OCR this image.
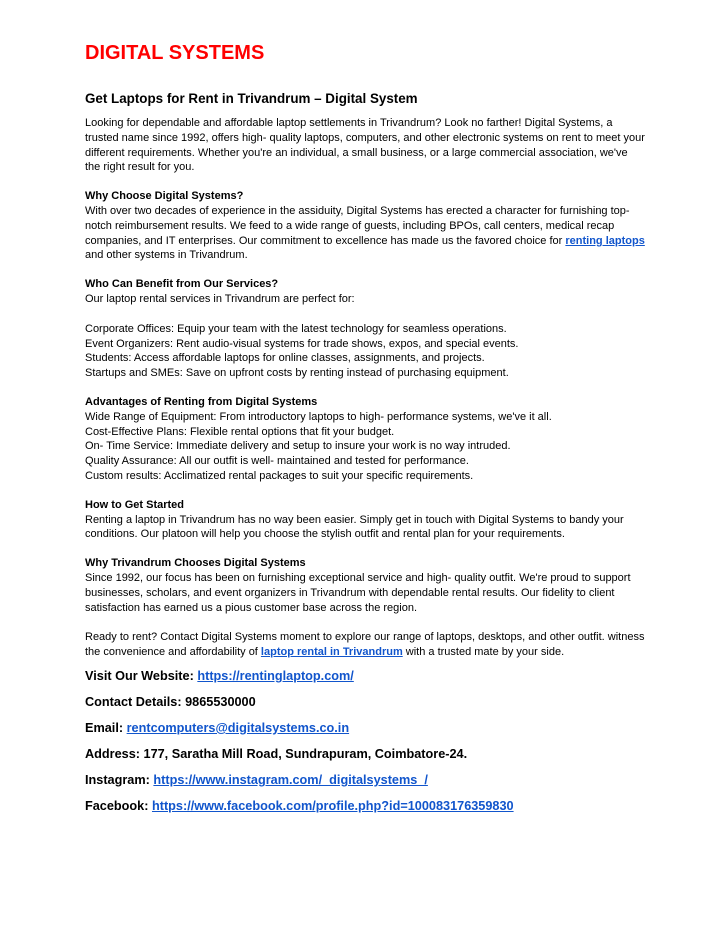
DIGITAL SYSTEMS
Get Laptops for Rent in Trivandrum – Digital System

Looking for dependable and affordable laptop settlements in Trivandrum? Look no farther! Digital Systems, a trusted name since 1992, offers high- quality laptops, computers, and other electronic systems on rent to meet your different requirements. Whether you're an individual, a small business, or a large commercial association, we've the right result for you.

Why Choose Digital Systems?

With over two decades of experience in the assiduity, Digital Systems has erected a character for furnishing top- notch reimbursement results. We feed to a wide range of guests, including BPOs, call centers, medical recap companies, and IT enterprises. Our commitment to excellence has made us the favored choice for renting laptops and other systems in Trivandrum.

Who Can Benefit from Our Services?

Our laptop rental services in Trivandrum are perfect for:

Corporate Offices: Equip your team with the latest technology for seamless operations.

Event Organizers: Rent audio-visual systems for trade shows, expos, and special events.

Students: Access affordable laptops for online classes, assignments, and projects.

Startups and SMEs: Save on upfront costs by renting instead of purchasing equipment.

Advantages of Renting from Digital Systems

Wide Range of Equipment: From introductory laptops to high- performance systems, we've it all.

Cost-Effective Plans: Flexible rental options that fit your budget.

On- Time Service: Immediate delivery and setup to insure your work is no way intruded.

Quality Assurance: All our outfit is well- maintained and tested for performance.

Custom results: Acclimatized rental packages to suit your specific requirements.

How to Get Started

Renting a laptop in Trivandrum has no way been easier. Simply get in touch with Digital Systems to bandy your conditions. Our platoon will help you choose the stylish outfit and rental plan for your requirements.

Why Trivandrum Chooses Digital Systems

Since 1992, our focus has been on furnishing exceptional service and high- quality outfit. We're proud to support businesses, scholars, and event organizers in Trivandrum with dependable rental results. Our fidelity to client satisfaction has earned us a pious customer base across the region.

Ready to rent? Contact Digital Systems moment to explore our range of laptops, desktops, and other outfit. witness the convenience and affordability of laptop rental in Trivandrum with a trusted mate by your side.

Visit Our Website: https://rentinglaptop.com/

Contact Details: 9865530000

Email: rentcomputers@digitalsystems.co.in

Address: 177, Saratha Mill Road, Sundrapuram, Coimbatore-24.

Instagram: https://www.instagram.com/_digitalsystems_/

Facebook: https://www.facebook.com/profile.php?id=100083176359830
